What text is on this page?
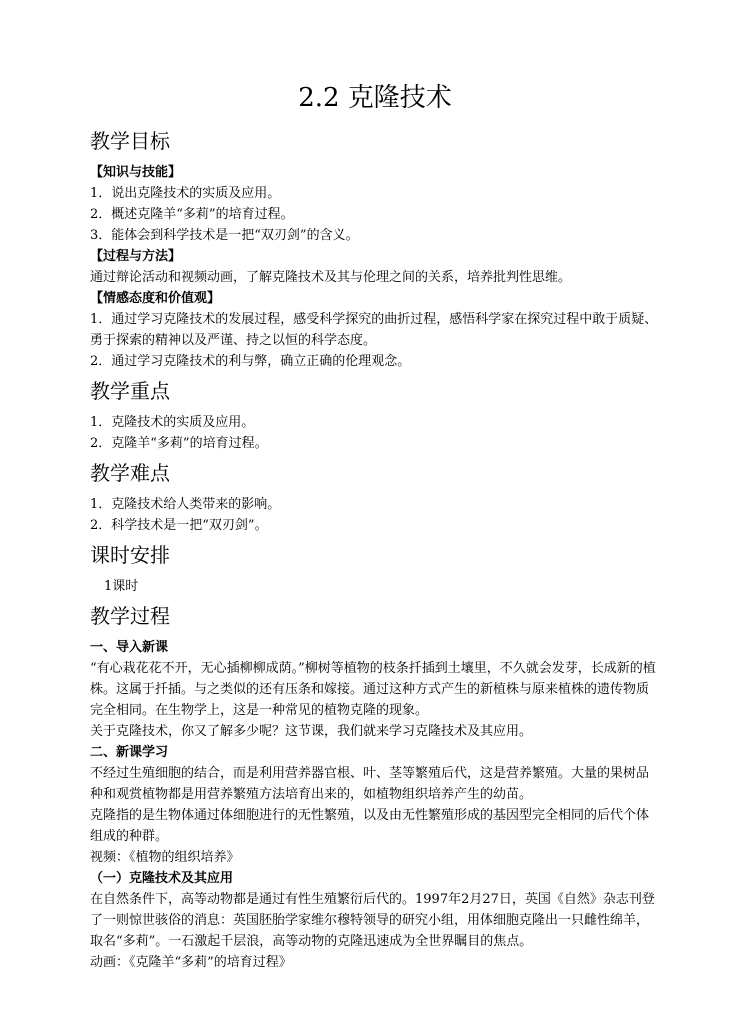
2.2 克隆技术
教学目标
【知识与技能】

1．说出克隆技术的实质及应用。

2．概述克隆羊“多莉”的培育过程。

3．能体会到科学技术是一把“双刃剑”的含义。

【过程与方法】

通过辩论活动和视频动画，了解克隆技术及其与伦理之间的关系，培养批判性思维。

【情感态度和价值观】

1．通过学习克隆技术的发展过程，感受科学探究的曲折过程，感悟科学家在探究过程中敢于质疑、勇于探索的精神以及严谨、持之以恒的科学态度。

2．通过学习克隆技术的利与弊，确立正确的伦理观念。

教学重点

1．克隆技术的实质及应用。

2．克隆羊“多莉”的培育过程。

教学难点

1．克隆技术给人类带来的影响。

2．科学技术是一把“双刃剑”。

课时安排

1课时

教学过程
一、导入新课

“有心栽花花不开，无心插柳柳成荫。”柳树等植物的枝条扦插到土壤里，不久就会发芽，长成新的植株。这属于扦插。与之类似的还有压条和嫁接。通过这种方式产生的新植株与原来植株的遗传物质完全相同。在生物学上，这是一种常见的植物克隆的现象。

关于克隆技术，你又了解多少呢？这节课，我们就来学习克隆技术及其应用。

二、新课学习

不经过生殖细胞的结合，而是利用营养器官根、叶、茎等繁殖后代，这是营养繁殖。大量的果树品种和观赏植物都是用营养繁殖方法培育出来的，如植物组织培养产生的幼苗。

克隆指的是生物体通过体细胞进行的无性繁殖，以及由无性繁殖形成的基因型完全相同的后代个体组成的种群。

视频：《植物的组织培养》

（一）克隆技术及其应用

在自然条件下，高等动物都是通过有性生殖繁衍后代的。1997年2月27日，英国《自然》杂志刊登了一则惊世骇俗的消息：英国胚胎学家维尔穆特领导的研究小组，用体细胞克隆出一只雌性绵羊，取名“多莉”。一石激起千层浪，高等动物的克隆迅速成为全世界瞩目的焦点。

动画：《克隆羊“多莉”的培育过程》
